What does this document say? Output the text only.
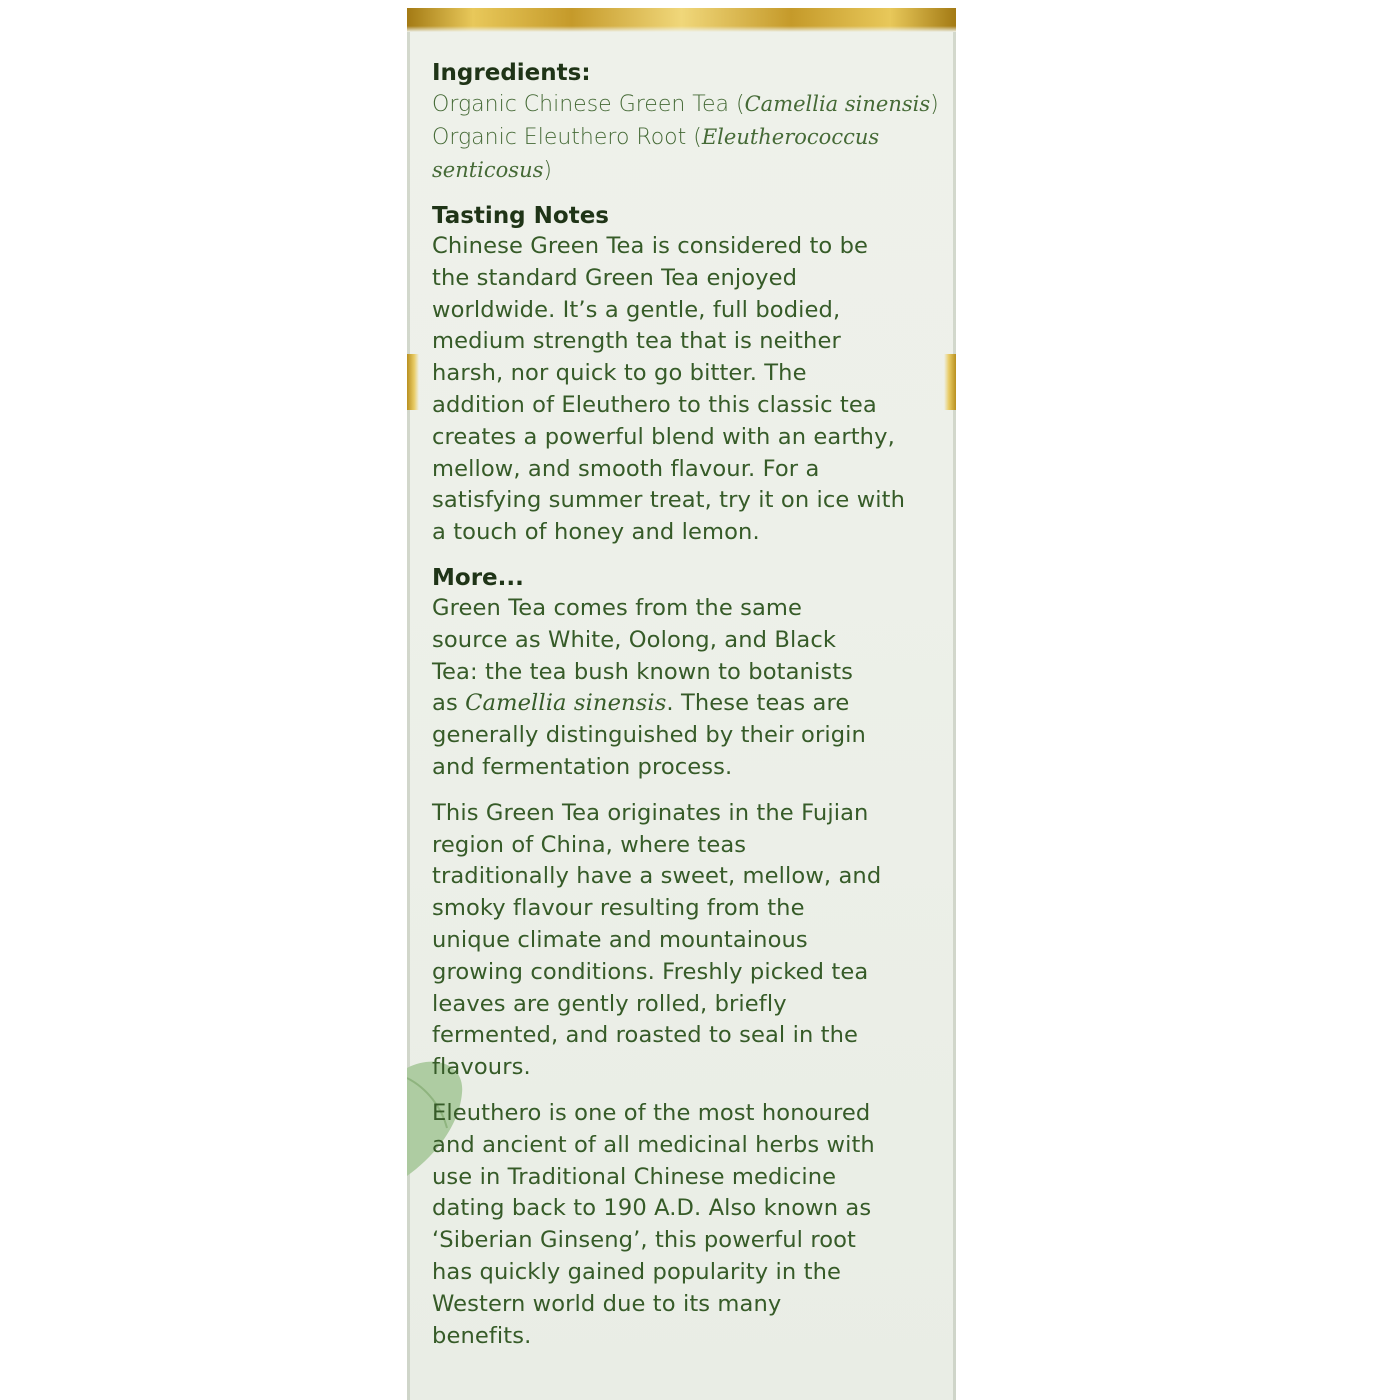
Ingredients:

Organic Chinese Green Tea (Camellia sinensis)

Organic Eleuthero Root (Eleutherococcus

senticosus)

Tasting Notes

Chinese Green Tea is considered to be

the standard Green Tea enjoyed

worldwide. It’s a gentle, full bodied,

medium strength tea that is neither

harsh, nor quick to go bitter. The

addition of Eleuthero to this classic tea

creates a powerful blend with an earthy,

mellow, and smooth flavour. For a

satisfying summer treat, try it on ice with

a touch of honey and lemon.

More...

Green Tea comes from the same

source as White, Oolong, and Black

Tea: the tea bush known to botanists

as Camellia sinensis. These teas are

generally distinguished by their origin

and fermentation process.

This Green Tea originates in the Fujian

region of China, where teas

traditionally have a sweet, mellow, and

smoky flavour resulting from the

unique climate and mountainous

growing conditions. Freshly picked tea

leaves are gently rolled, briefly

fermented, and roasted to seal in the

flavours.

Eleuthero is one of the most honoured

and ancient of all medicinal herbs with

use in Traditional Chinese medicine

dating back to 190 A.D. Also known as

‘Siberian Ginseng’, this powerful root

has quickly gained popularity in the

Western world due to its many

benefits.
